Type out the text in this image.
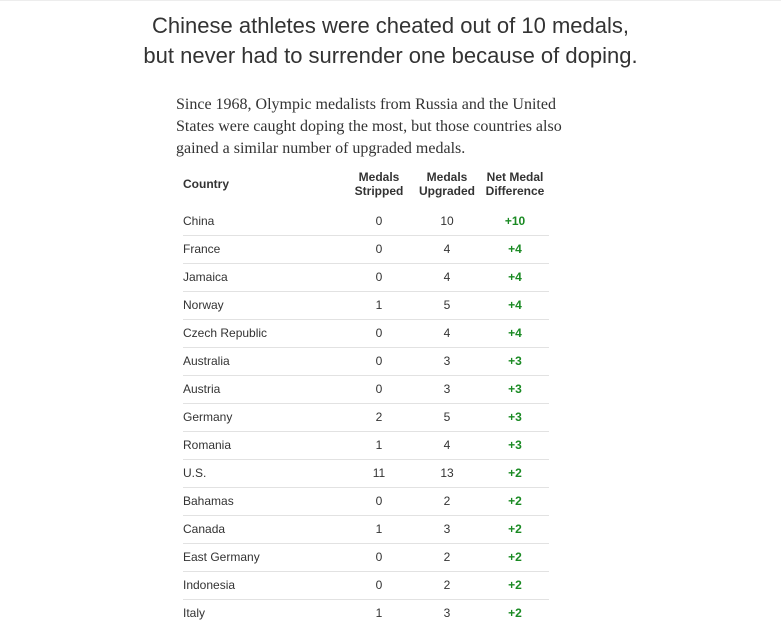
Chinese athletes were cheated out of 10 medals,
but never had to surrender one because of doping.

Since 1968, Olympic medalists from Russia and the United
States were caught doping the most, but those countries also
gained a similar number of upgraded medals.

Country	Medals Stripped	Medals Upgraded	Net Medal Difference
China	0	10	+10
France	0	4	+4
Jamaica	0	4	+4
Norway	1	5	+4
Czech Republic	0	4	+4
Australia	0	3	+3
Austria	0	3	+3
Germany	2	5	+3
Romania	1	4	+3
U.S.	11	13	+2
Bahamas	0	2	+2
Canada	1	3	+2
East Germany	0	2	+2
Indonesia	0	2	+2
Italy	1	3	+2
